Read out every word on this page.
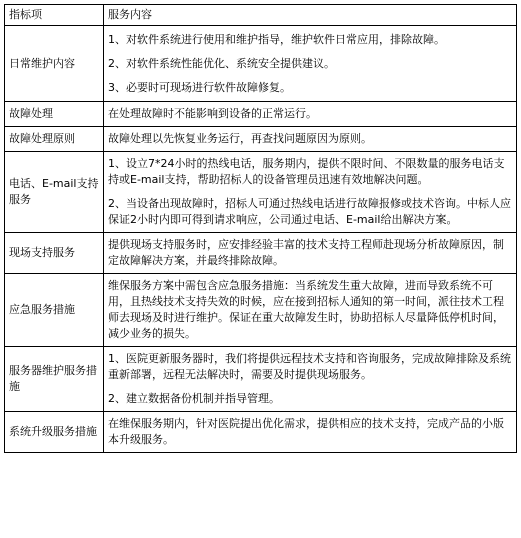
指标项	服务内容
日常维护内容	1、对软件系统进行使用和维护指导，维护软件日常应用，排除故障。

2、对软件系统性能优化、系统安全提供建议。

3、必要时可现场进行软件故障修复。

故障处理	在处理故障时不能影响到设备的正常运行。

故障处理原则	故障处理以先恢复业务运行，再查找问题原因为原则。

电话、E-mail支持服务	1、设立7*24小时的热线电话，服务期内，提供不限时间、不限数量的服务电话支持或E-mail支持，帮助招标人的设备管理员迅速有效地解决问题。

2、当设备出现故障时，招标人可通过热线电话进行故障报修或技术咨询。中标人应保证2小时内即可得到请求响应，公司通过电话、E-mail给出解决方案。

现场支持服务	提供现场支持服务时，应安排经验丰富的技术支持工程师赴现场分析故障原因，制定故障解决方案，并最终排除故障。

应急服务措施	维保服务方案中需包含应急服务措施：当系统发生重大故障，进而导致系统不可用，且热线技术支持失效的时候，应在接到招标人通知的第一时间，派往技术工程师去现场及时进行维护。保证在重大故障发生时，协助招标人尽量降低停机时间，减少业务的损失。

服务器维护服务措施	1、医院更新服务器时，我们将提供远程技术支持和咨询服务，完成故障排除及系统重新部署，远程无法解决时，需要及时提供现场服务。

2、建立数据备份机制并指导管理。

系统升级服务措施	在维保服务期内，针对医院提出优化需求，提供相应的技术支持，完成产品的小版本升级服务。
